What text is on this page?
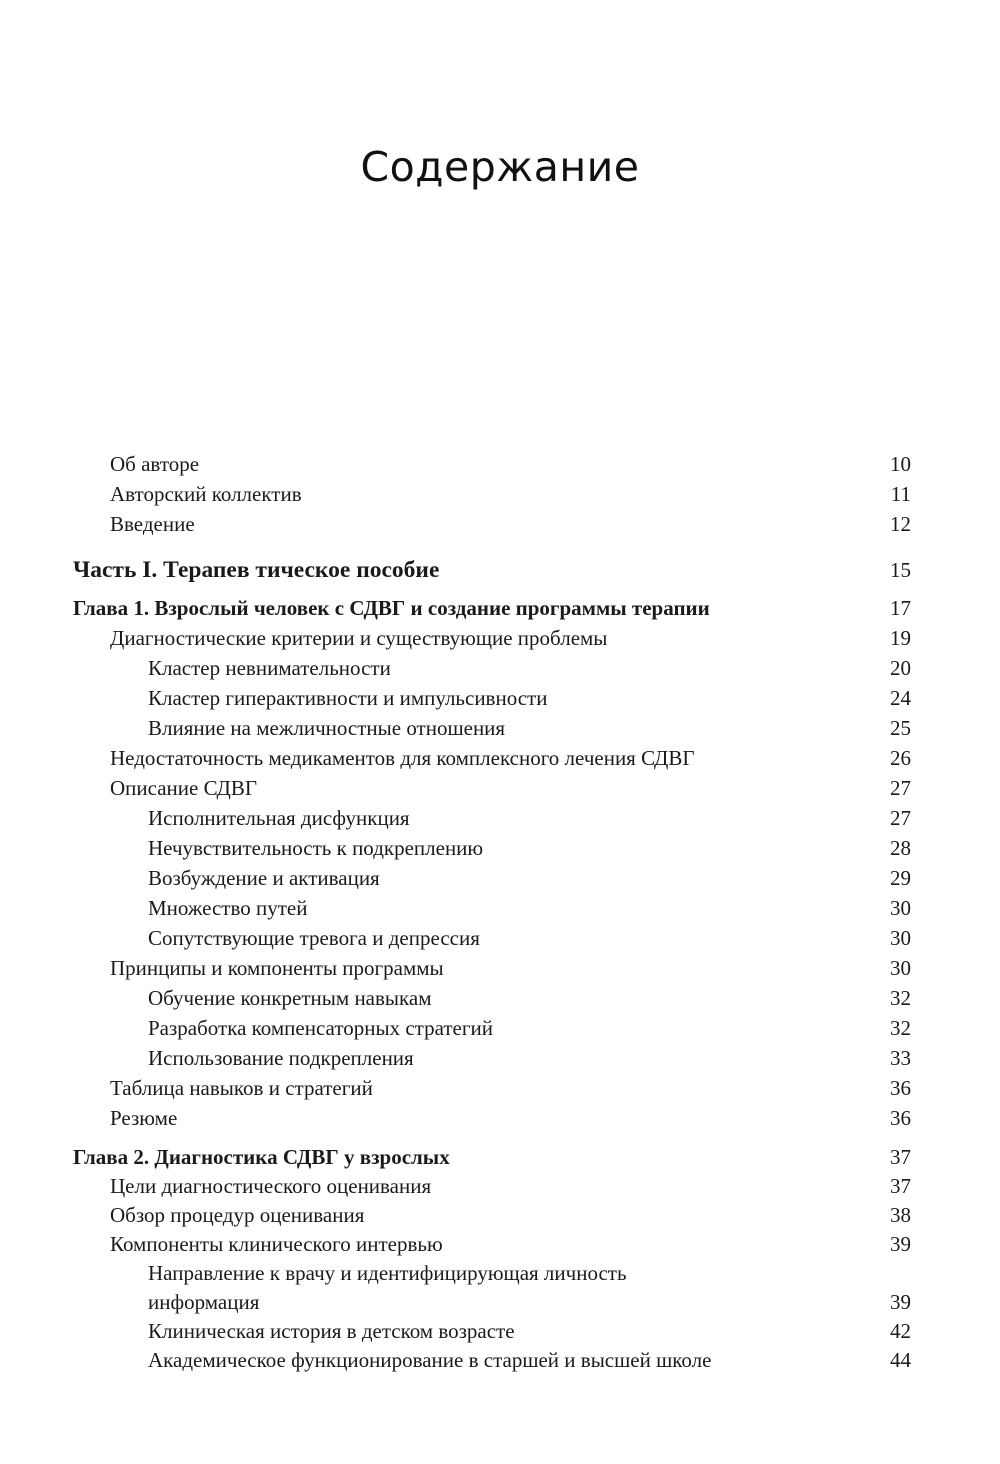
Содержание
Об авторе	10
Авторский коллектив	11
Введение	12
Часть I. Терапев тическое пособие	15
Глава 1. Взрослый человек с СДВГ и создание программы терапии	17
Диагностические критерии и существующие проблемы	19
Кластер невнимательности	20
Кластер гиперактивности и импульсивности	24
Влияние на межличностные отношения	25
Недостаточность медикаментов для комплексного лечения СДВГ	26
Описание СДВГ	27
Исполнительная дисфункция	27
Нечувствительность к подкреплению	28
Возбуждение и активация	29
Множество путей	30
Сопутствующие тревога и депрессия	30
Принципы и компоненты программы	30
Обучение конкретным навыкам	32
Разработка компенсаторных стратегий	32
Использование подкрепления	33
Таблица навыков и стратегий	36
Резюме	36
Глава 2. Диагностика СДВГ у взрослых	37
Цели диагностического оценивания	37
Обзор процедур оценивания	38
Компоненты клинического интервью	39
Направление к врачу и идентифицирующая личность
информация	39
Клиническая история в детском возрасте	42
Академическое функционирование в старшей и высшей школе	44
